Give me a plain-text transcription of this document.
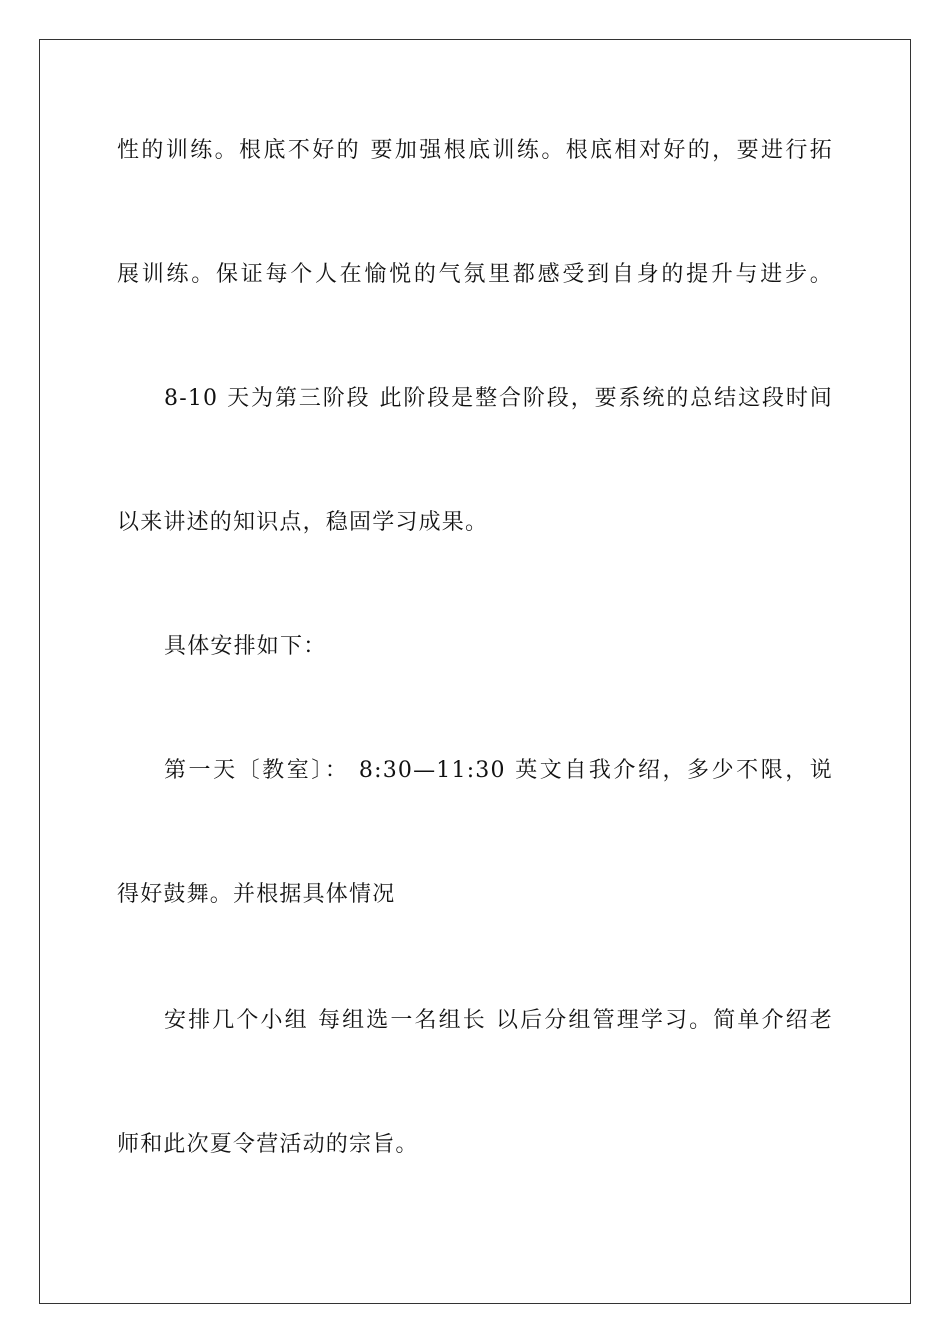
性的训练。根底不好的 要加强根底训练。根底相对好的，要进行拓
展训练。保证每个人在愉悦的气氛里都感受到自身的提升与进步。
8-10 天为第三阶段 此阶段是整合阶段，要系统的总结这段时间
以来讲述的知识点，稳固学习成果。
具体安排如下：
第一天〔教室〕： 8:30—11:30 英文自我介绍，多少不限，说
得好鼓舞。并根据具体情况
安排几个小组 每组选一名组长 以后分组管理学习。简单介绍老
师和此次夏令营活动的宗旨。
